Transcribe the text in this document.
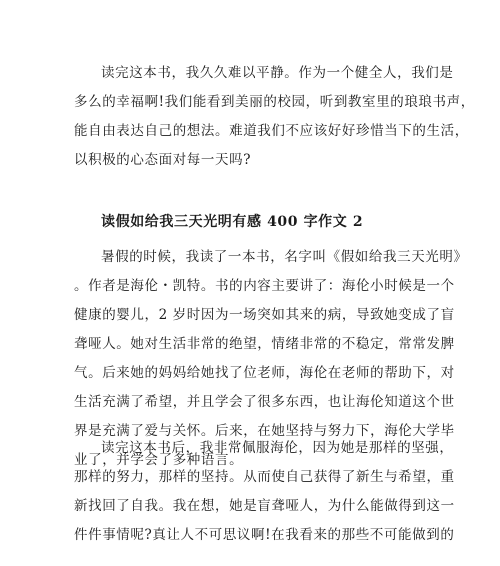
读完这本书，我久久难以平静。作为一个健全人，我们是
多么的幸福啊!我们能看到美丽的校园，听到教室里的琅琅书声，
能自由表达自己的想法。难道我们不应该好好珍惜当下的生活，
以积极的心态面对每一天吗?
读假如给我三天光明有感 400 字作文 2
暑假的时候，我读了一本书，名字叫《假如给我三天光明》
。作者是海伦・凯特。书的内容主要讲了：海伦小时候是一个
健康的婴儿，2 岁时因为一场突如其来的病，导致她变成了盲
聋哑人。她对生活非常的绝望，情绪非常的不稳定，常常发脾
气。后来她的妈妈给她找了位老师，海伦在老师的帮助下，对
生活充满了希望，并且学会了很多东西，也让海伦知道这个世
界是充满了爱与关怀。后来，在她坚持与努力下，海伦大学毕
业了，并学会了多种语言。
读完这本书后，我非常佩服海伦，因为她是那样的坚强，
那样的努力，那样的坚持。从而使自己获得了新生与希望，重
新找回了自我。我在想，她是盲聋哑人，为什么能做得到这一
件件事情呢?真让人不可思议啊!在我看来的那些不可能做到的
